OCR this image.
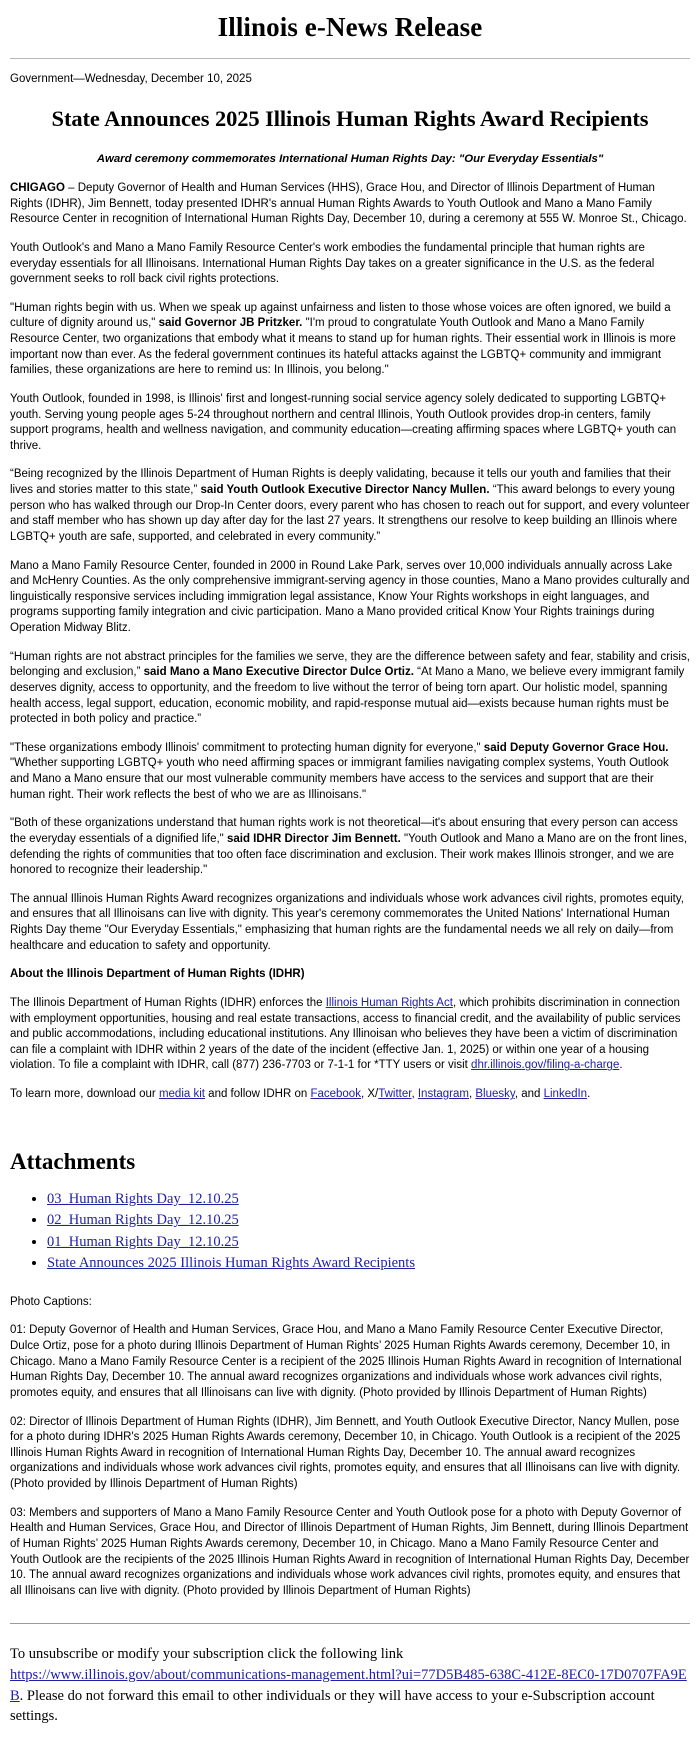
Illinois e-News Release
Government—Wednesday, December 10, 2025
State Announces 2025 Illinois Human Rights Award Recipients
Award ceremony commemorates International Human Rights Day: "Our Everyday Essentials"

CHIGAGO – Deputy Governor of Health and Human Services (HHS), Grace Hou, and Director of Illinois Department of Human Rights (IDHR), Jim Bennett, today presented IDHR's annual Human Rights Awards to Youth Outlook and Mano a Mano Family Resource Center in recognition of International Human Rights Day, December 10, during a ceremony at 555 W. Monroe St., Chicago.

Youth Outlook's and Mano a Mano Family Resource Center's work embodies the fundamental principle that human rights are everyday essentials for all Illinoisans. International Human Rights Day takes on a greater significance in the U.S. as the federal government seeks to roll back civil rights protections.

"Human rights begin with us. When we speak up against unfairness and listen to those whose voices are often ignored, we build a culture of dignity around us," said Governor JB Pritzker. "I'm proud to congratulate Youth Outlook and Mano a Mano Family Resource Center, two organizations that embody what it means to stand up for human rights. Their essential work in Illinois is more important now than ever. As the federal government continues its hateful attacks against the LGBTQ+ community and immigrant families, these organizations are here to remind us: In Illinois, you belong."

Youth Outlook, founded in 1998, is Illinois' first and longest-running social service agency solely dedicated to supporting LGBTQ+ youth. Serving young people ages 5-24 throughout northern and central Illinois, Youth Outlook provides drop-in centers, family support programs, health and wellness navigation, and community education—creating affirming spaces where LGBTQ+ youth can thrive.

“Being recognized by the Illinois Department of Human Rights is deeply validating, because it tells our youth and families that their lives and stories matter to this state,” said Youth Outlook Executive Director Nancy Mullen. “This award belongs to every young person who has walked through our Drop-In Center doors, every parent who has chosen to reach out for support, and every volunteer and staff member who has shown up day after day for the last 27 years. It strengthens our resolve to keep building an Illinois where LGBTQ+ youth are safe, supported, and celebrated in every community.”

Mano a Mano Family Resource Center, founded in 2000 in Round Lake Park, serves over 10,000 individuals annually across Lake and McHenry Counties. As the only comprehensive immigrant-serving agency in those counties, Mano a Mano provides culturally and linguistically responsive services including immigration legal assistance, Know Your Rights workshops in eight languages, and programs supporting family integration and civic participation. Mano a Mano provided critical Know Your Rights trainings during Operation Midway Blitz.

“Human rights are not abstract principles for the families we serve, they are the difference between safety and fear, stability and crisis, belonging and exclusion,” said Mano a Mano Executive Director Dulce Ortiz. “At Mano a Mano, we believe every immigrant family deserves dignity, access to opportunity, and the freedom to live without the terror of being torn apart. Our holistic model, spanning health access, legal support, education, economic mobility, and rapid-response mutual aid—exists because human rights must be protected in both policy and practice.”

"These organizations embody Illinois' commitment to protecting human dignity for everyone," said Deputy Governor Grace Hou. "Whether supporting LGBTQ+ youth who need affirming spaces or immigrant families navigating complex systems, Youth Outlook and Mano a Mano ensure that our most vulnerable community members have access to the services and support that are their human right. Their work reflects the best of who we are as Illinoisans."

"Both of these organizations understand that human rights work is not theoretical—it's about ensuring that every person can access the everyday essentials of a dignified life," said IDHR Director Jim Bennett. "Youth Outlook and Mano a Mano are on the front lines, defending the rights of communities that too often face discrimination and exclusion. Their work makes Illinois stronger, and we are honored to recognize their leadership."

The annual Illinois Human Rights Award recognizes organizations and individuals whose work advances civil rights, promotes equity, and ensures that all Illinoisans can live with dignity. This year's ceremony commemorates the United Nations' International Human Rights Day theme "Our Everyday Essentials," emphasizing that human rights are the fundamental needs we all rely on daily—from healthcare and education to safety and opportunity.

About the Illinois Department of Human Rights (IDHR)

The Illinois Department of Human Rights (IDHR) enforces the Illinois Human Rights Act, which prohibits discrimination in connection with employment opportunities, housing and real estate transactions, access to financial credit, and the availability of public services and public accommodations, including educational institutions. Any Illinoisan who believes they have been a victim of discrimination can file a complaint with IDHR within 2 years of the date of the incident (effective Jan. 1, 2025) or within one year of a housing violation. To file a complaint with IDHR, call (877) 236-7703 or 7-1-1 for *TTY users or visit dhr.illinois.gov/filing-a-charge.

To learn more, download our media kit and follow IDHR on Facebook, X/Twitter, Instagram, Bluesky, and LinkedIn.

Attachments
• 03_Human Rights Day_12.10.25
• 02_Human Rights Day_12.10.25
• 01_Human Rights Day_12.10.25
• State Announces 2025 Illinois Human Rights Award Recipients
Photo Captions:

01: Deputy Governor of Health and Human Services, Grace Hou, and Mano a Mano Family Resource Center Executive Director, Dulce Ortiz, pose for a photo during Illinois Department of Human Rights’ 2025 Human Rights Awards ceremony, December 10, in Chicago. Mano a Mano Family Resource Center is a recipient of the 2025 Illinois Human Rights Award in recognition of International Human Rights Day, December 10. The annual award recognizes organizations and individuals whose work advances civil rights, promotes equity, and ensures that all Illinoisans can live with dignity. (Photo provided by Illinois Department of Human Rights)

02: Director of Illinois Department of Human Rights (IDHR), Jim Bennett, and Youth Outlook Executive Director, Nancy Mullen, pose for a photo during IDHR's 2025 Human Rights Awards ceremony, December 10, in Chicago. Youth Outlook is a recipient of the 2025 Illinois Human Rights Award in recognition of International Human Rights Day, December 10. The annual award recognizes organizations and individuals whose work advances civil rights, promotes equity, and ensures that all Illinoisans can live with dignity. (Photo provided by Illinois Department of Human Rights)

03: Members and supporters of Mano a Mano Family Resource Center and Youth Outlook pose for a photo with Deputy Governor of Health and Human Services, Grace Hou, and Director of Illinois Department of Human Rights, Jim Bennett, during Illinois Department of Human Rights’ 2025 Human Rights Awards ceremony, December 10, in Chicago. Mano a Mano Family Resource Center and Youth Outlook are the recipients of the 2025 Illinois Human Rights Award in recognition of International Human Rights Day, December 10. The annual award recognizes organizations and individuals whose work advances civil rights, promotes equity, and ensures that all Illinoisans can live with dignity. (Photo provided by Illinois Department of Human Rights)

To unsubscribe or modify your subscription click the following link
https://www.illinois.gov/about/communications-management.html?ui=77D5B485-638C-412E-8EC0-17D0707FA9EB. Please do not forward this email to other individuals or they will have access to your e-Subscription account settings.
